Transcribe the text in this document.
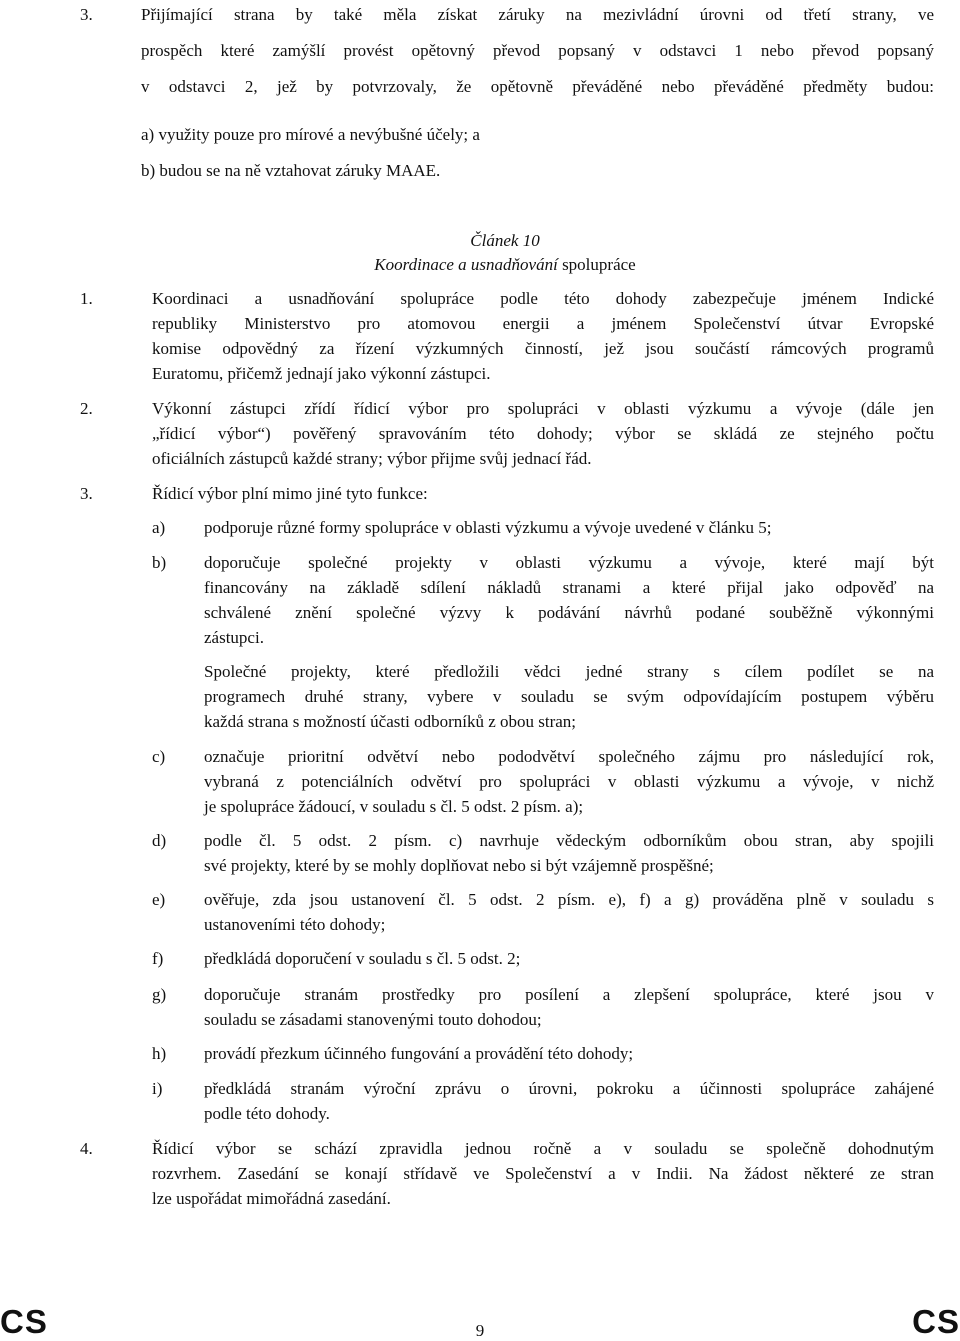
3.	Přijímající strana by také měla získat záruky na mezivládní úrovni od třetí strany, ve
prospěch které zamýšlí provést opětovný převod popsaný v odstavci 1 nebo převod popsaný
v odstavci 2, jež by potvrzovaly, že opětovně převáděné nebo převáděné předměty budou:
a) využity pouze pro mírové a nevýbušné účely; a
b) budou se na ně vztahovat záruky MAAE.
Článek 10
Koordinace a usnadňování spolupráce
1.	Koordinaci a usnadňování spolupráce podle této dohody zabezpečuje jménem Indické
republiky Ministerstvo pro atomovou energii a jménem Společenství útvar Evropské
komise odpovědný za řízení výzkumných činností, jež jsou součástí rámcových programů
Euratomu, přičemž jednají jako výkonní zástupci.
2.	Výkonní zástupci zřídí řídicí výbor pro spolupráci v oblasti výzkumu a vývoje (dále jen
„řídicí výbor“) pověřený spravováním této dohody; výbor se skládá ze stejného počtu
oficiálních zástupců každé strany; výbor přijme svůj jednací řád.
3.	Řídicí výbor plní mimo jiné tyto funkce:
a) podporuje různé formy spolupráce v oblasti výzkumu a vývoje uvedené v článku 5;
b) doporučuje společné projekty v oblasti výzkumu a vývoje, které mají být
financovány na základě sdílení nákladů stranami a které přijal jako odpověď na
schválené znění společné výzvy k podávání návrhů podané souběžně výkonnými
zástupci.
Společné projekty, které předložili vědci jedné strany s cílem podílet se na
programech druhé strany, vybere v souladu se svým odpovídajícím postupem výběru
každá strana s možností účasti odborníků z obou stran;
c) označuje prioritní odvětví nebo pododvětví společného zájmu pro následující rok,
vybraná z potenciálních odvětví pro spolupráci v oblasti výzkumu a vývoje, v nichž
je spolupráce žádoucí, v souladu s čl. 5 odst. 2 písm. a);
d) podle čl. 5 odst. 2 písm. c) navrhuje vědeckým odborníkům obou stran, aby spojili
své projekty, které by se mohly doplňovat nebo si být vzájemně prospěšné;
e) ověřuje, zda jsou ustanovení čl. 5 odst. 2 písm. e), f) a g) prováděna plně v souladu s
ustanoveními této dohody;
f) předkládá doporučení v souladu s čl. 5 odst. 2;
g) doporučuje stranám prostředky pro posílení a zlepšení spolupráce, které jsou v
souladu se zásadami stanovenými touto dohodou;
h) provádí přezkum účinného fungování a provádění této dohody;
i) předkládá stranám výroční zprávu o úrovni, pokroku a účinnosti spolupráce zahájené
podle této dohody.
4.	Řídicí výbor se schází zpravidla jednou ročně a v souladu se společně dohodnutým
rozvrhem. Zasedání se konají střídavě ve Společenství a v Indii. Na žádost některé ze stran
lze uspořádat mimořádná zasedání.
CS	9	CS
